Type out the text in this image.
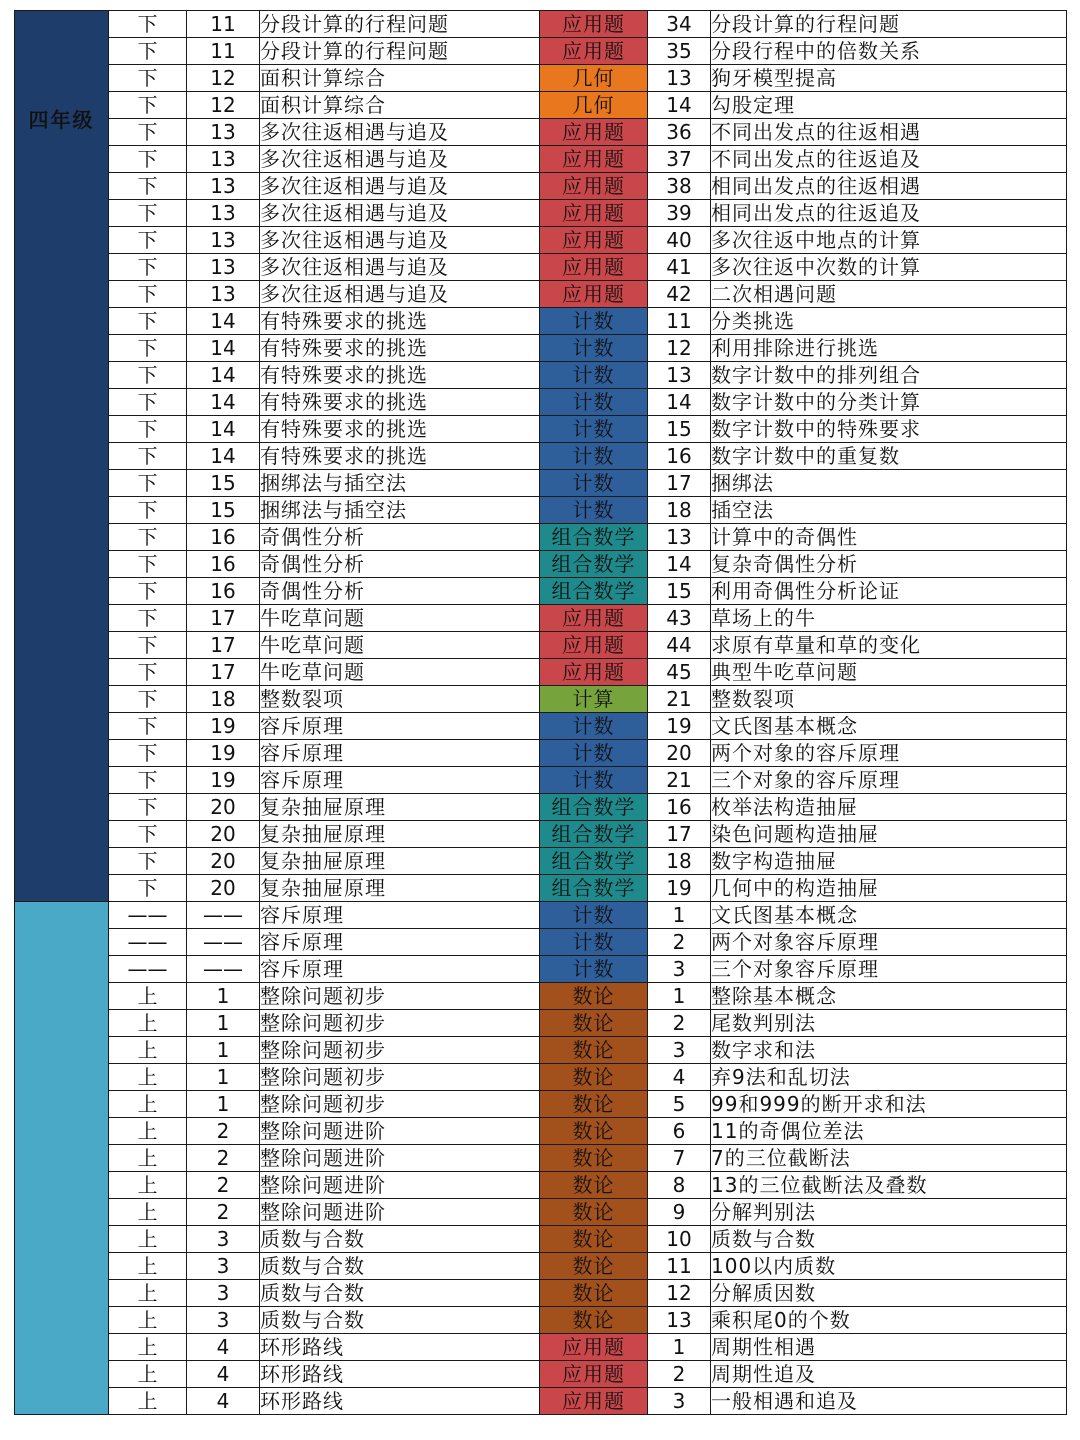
四年级	下	11	分段计算的行程问题	应用题	34	分段计算的行程问题
	下	11	分段计算的行程问题	应用题	35	分段行程中的倍数关系
	下	12	面积计算综合	几何	13	狗牙模型提高
	下	12	面积计算综合	几何	14	勾股定理
	下	13	多次往返相遇与追及	应用题	36	不同出发点的往返相遇
	下	13	多次往返相遇与追及	应用题	37	不同出发点的往返追及
	下	13	多次往返相遇与追及	应用题	38	相同出发点的往返相遇
	下	13	多次往返相遇与追及	应用题	39	相同出发点的往返追及
	下	13	多次往返相遇与追及	应用题	40	多次往返中地点的计算
	下	13	多次往返相遇与追及	应用题	41	多次往返中次数的计算
	下	13	多次往返相遇与追及	应用题	42	二次相遇问题
	下	14	有特殊要求的挑选	计数	11	分类挑选
	下	14	有特殊要求的挑选	计数	12	利用排除进行挑选
	下	14	有特殊要求的挑选	计数	13	数字计数中的排列组合
	下	14	有特殊要求的挑选	计数	14	数字计数中的分类计算
	下	14	有特殊要求的挑选	计数	15	数字计数中的特殊要求
	下	14	有特殊要求的挑选	计数	16	数字计数中的重复数
	下	15	捆绑法与插空法	计数	17	捆绑法
	下	15	捆绑法与插空法	计数	18	插空法
	下	16	奇偶性分析	组合数学	13	计算中的奇偶性
	下	16	奇偶性分析	组合数学	14	复杂奇偶性分析
	下	16	奇偶性分析	组合数学	15	利用奇偶性分析论证
	下	17	牛吃草问题	应用题	43	草场上的牛
	下	17	牛吃草问题	应用题	44	求原有草量和草的变化
	下	17	牛吃草问题	应用题	45	典型牛吃草问题
	下	18	整数裂项	计算	21	整数裂项
	下	19	容斥原理	计数	19	文氏图基本概念
	下	19	容斥原理	计数	20	两个对象的容斥原理
	下	19	容斥原理	计数	21	三个对象的容斥原理
	下	20	复杂抽屉原理	组合数学	16	枚举法构造抽屉
	下	20	复杂抽屉原理	组合数学	17	染色问题构造抽屉
	下	20	复杂抽屉原理	组合数学	18	数字构造抽屉
	下	20	复杂抽屉原理	组合数学	19	几何中的构造抽屉

	——	——	容斥原理	计数	1	文氏图基本概念
	——	——	容斥原理	计数	2	两个对象容斥原理
	——	——	容斥原理	计数	3	三个对象容斥原理
	上	1	整除问题初步	数论	1	整除基本概念
	上	1	整除问题初步	数论	2	尾数判别法
	上	1	整除问题初步	数论	3	数字求和法
	上	1	整除问题初步	数论	4	弃9法和乱切法
	上	1	整除问题初步	数论	5	99和999的断开求和法
	上	2	整除问题进阶	数论	6	11的奇偶位差法
	上	2	整除问题进阶	数论	7	7的三位截断法
	上	2	整除问题进阶	数论	8	13的三位截断法及叠数
	上	2	整除问题进阶	数论	9	分解判别法
	上	3	质数与合数	数论	10	质数与合数
	上	3	质数与合数	数论	11	100以内质数
	上	3	质数与合数	数论	12	分解质因数
	上	3	质数与合数	数论	13	乘积尾0的个数
	上	4	环形路线	应用题	1	周期性相遇
	上	4	环形路线	应用题	2	周期性追及
	上	4	环形路线	应用题	3	一般相遇和追及
